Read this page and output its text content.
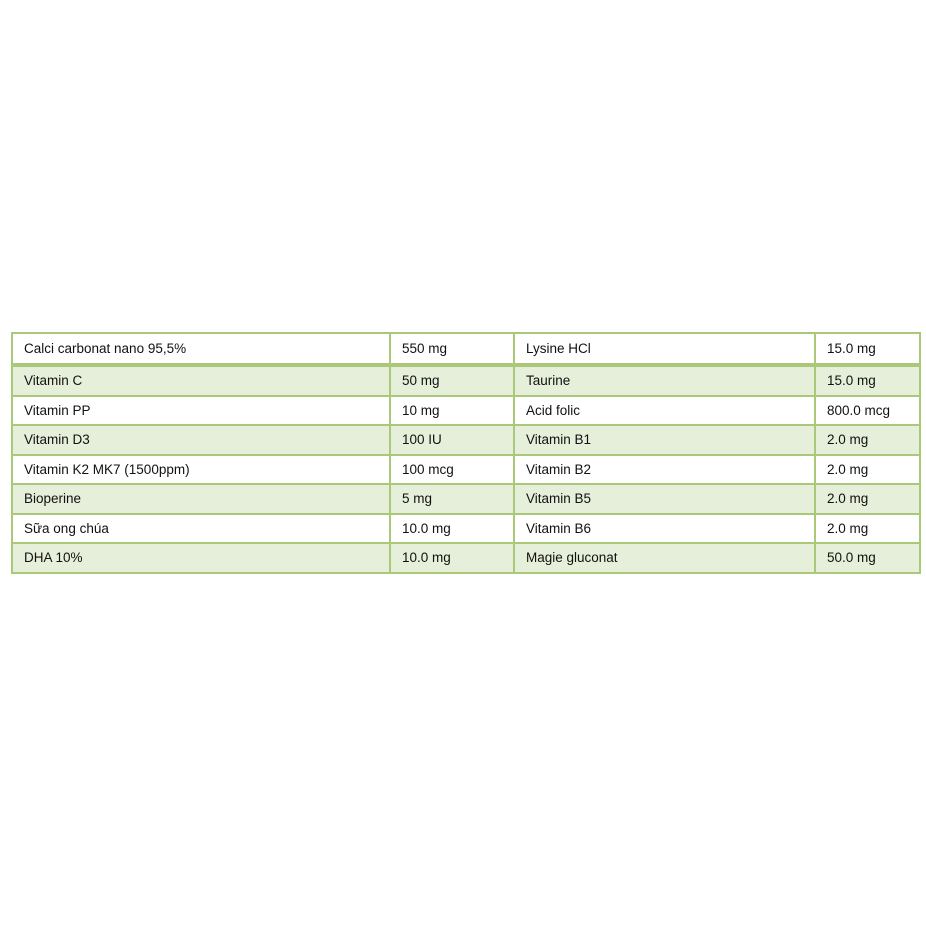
Calci carbonat nano 95,5%	550 mg	Lysine HCl	15.0 mg
Vitamin C	50 mg	Taurine	15.0 mg
Vitamin PP	10 mg	Acid folic	800.0 mcg
Vitamin D3	100 IU	Vitamin B1	2.0 mg
Vitamin K2 MK7 (1500ppm)	100 mcg	Vitamin B2	2.0 mg
Bioperine	5 mg	Vitamin B5	2.0 mg
Sữa ong chúa	10.0 mg	Vitamin B6	2.0 mg
DHA 10%	10.0 mg	Magie gluconat	50.0 mg
